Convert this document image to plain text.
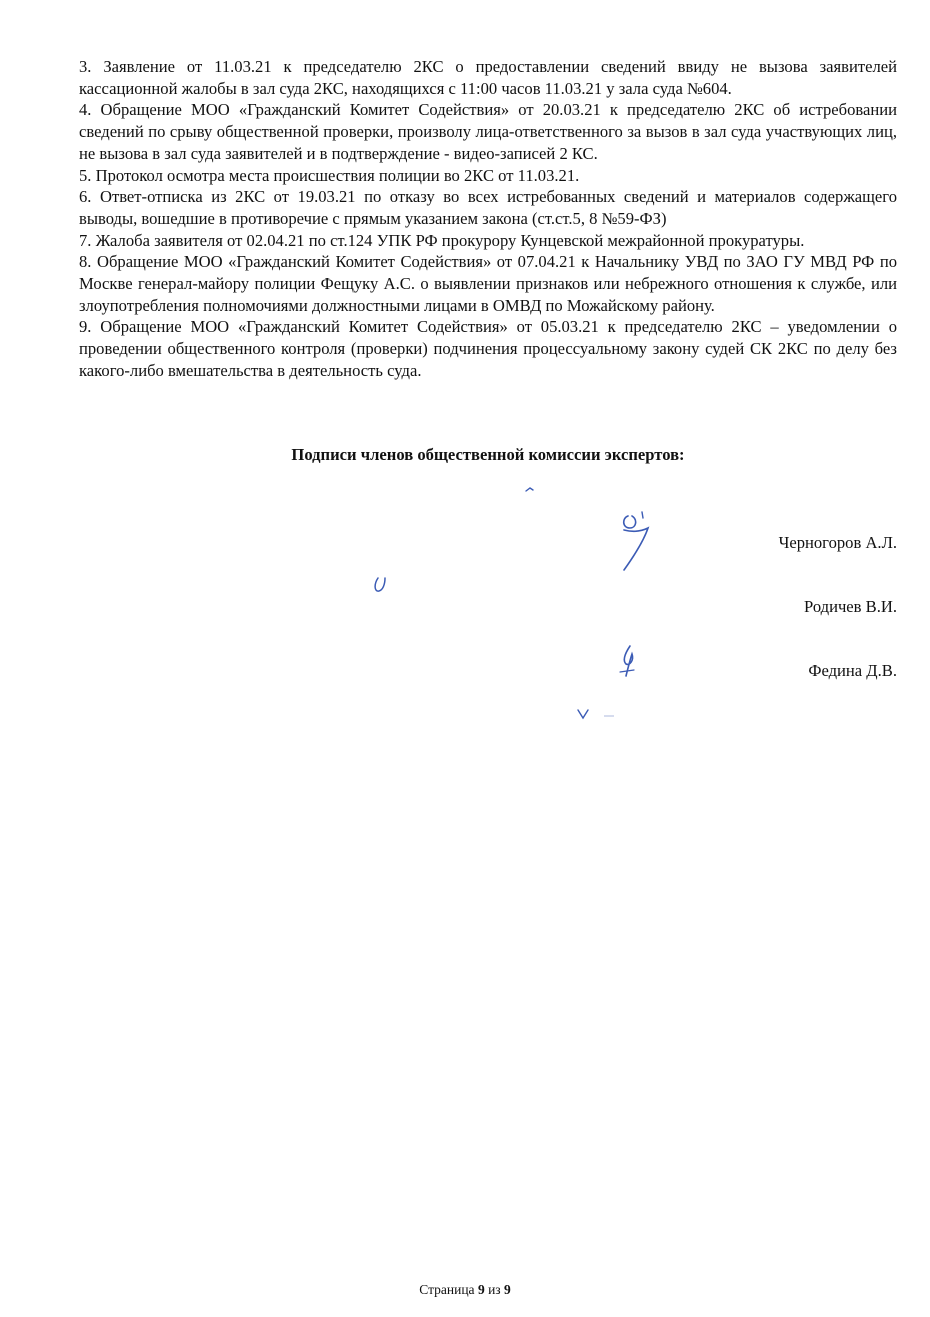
3. Заявление от 11.03.21 к председателю 2КС о предоставлении сведений ввиду не вызова заявителей кассационной жалобы в зал суда 2КС, находящихся с 11:00 часов 11.03.21 у зала суда №604.

4. Обращение МОО «Гражданский Комитет Содействия» от 20.03.21 к председателю 2КС об истребовании сведений по срыву общественной проверки, произволу лица-ответственного за вызов в зал суда участвующих лиц, не вызова в зал суда заявителей и в подтверждение - видео-записей 2 КС.

5. Протокол осмотра места происшествия полиции во 2КС от 11.03.21.

6. Ответ-отписка из 2КС от 19.03.21 по отказу во всех истребованных сведений и материалов содержащего выводы, вошедшие в противоречие с прямым указанием закона (ст.ст.5, 8 №59-ФЗ)

7. Жалоба заявителя от 02.04.21 по ст.124 УПК РФ прокурору Кунцевской межрайонной прокуратуры.

8. Обращение МОО «Гражданский Комитет Содействия» от 07.04.21 к Начальнику УВД по ЗАО ГУ МВД РФ по Москве генерал-майору полиции Фещуку А.С. о выявлении признаков или небрежного отношения к службе, или злоупотребления полномочиями должностными лицами в ОМВД по Можайскому району.

9. Обращение МОО «Гражданский Комитет Содействия» от 05.03.21 к председателю 2КС – уведомлении о проведении общественного контроля (проверки) подчинения процессуальному закону судей СК 2КС по делу без какого-либо вмешательства в деятельность суда.

Подписи членов общественной комиссии экспертов:
Черногоров А.Л.
Родичев В.И.
Федина Д.В.
Страница 9 из 9
